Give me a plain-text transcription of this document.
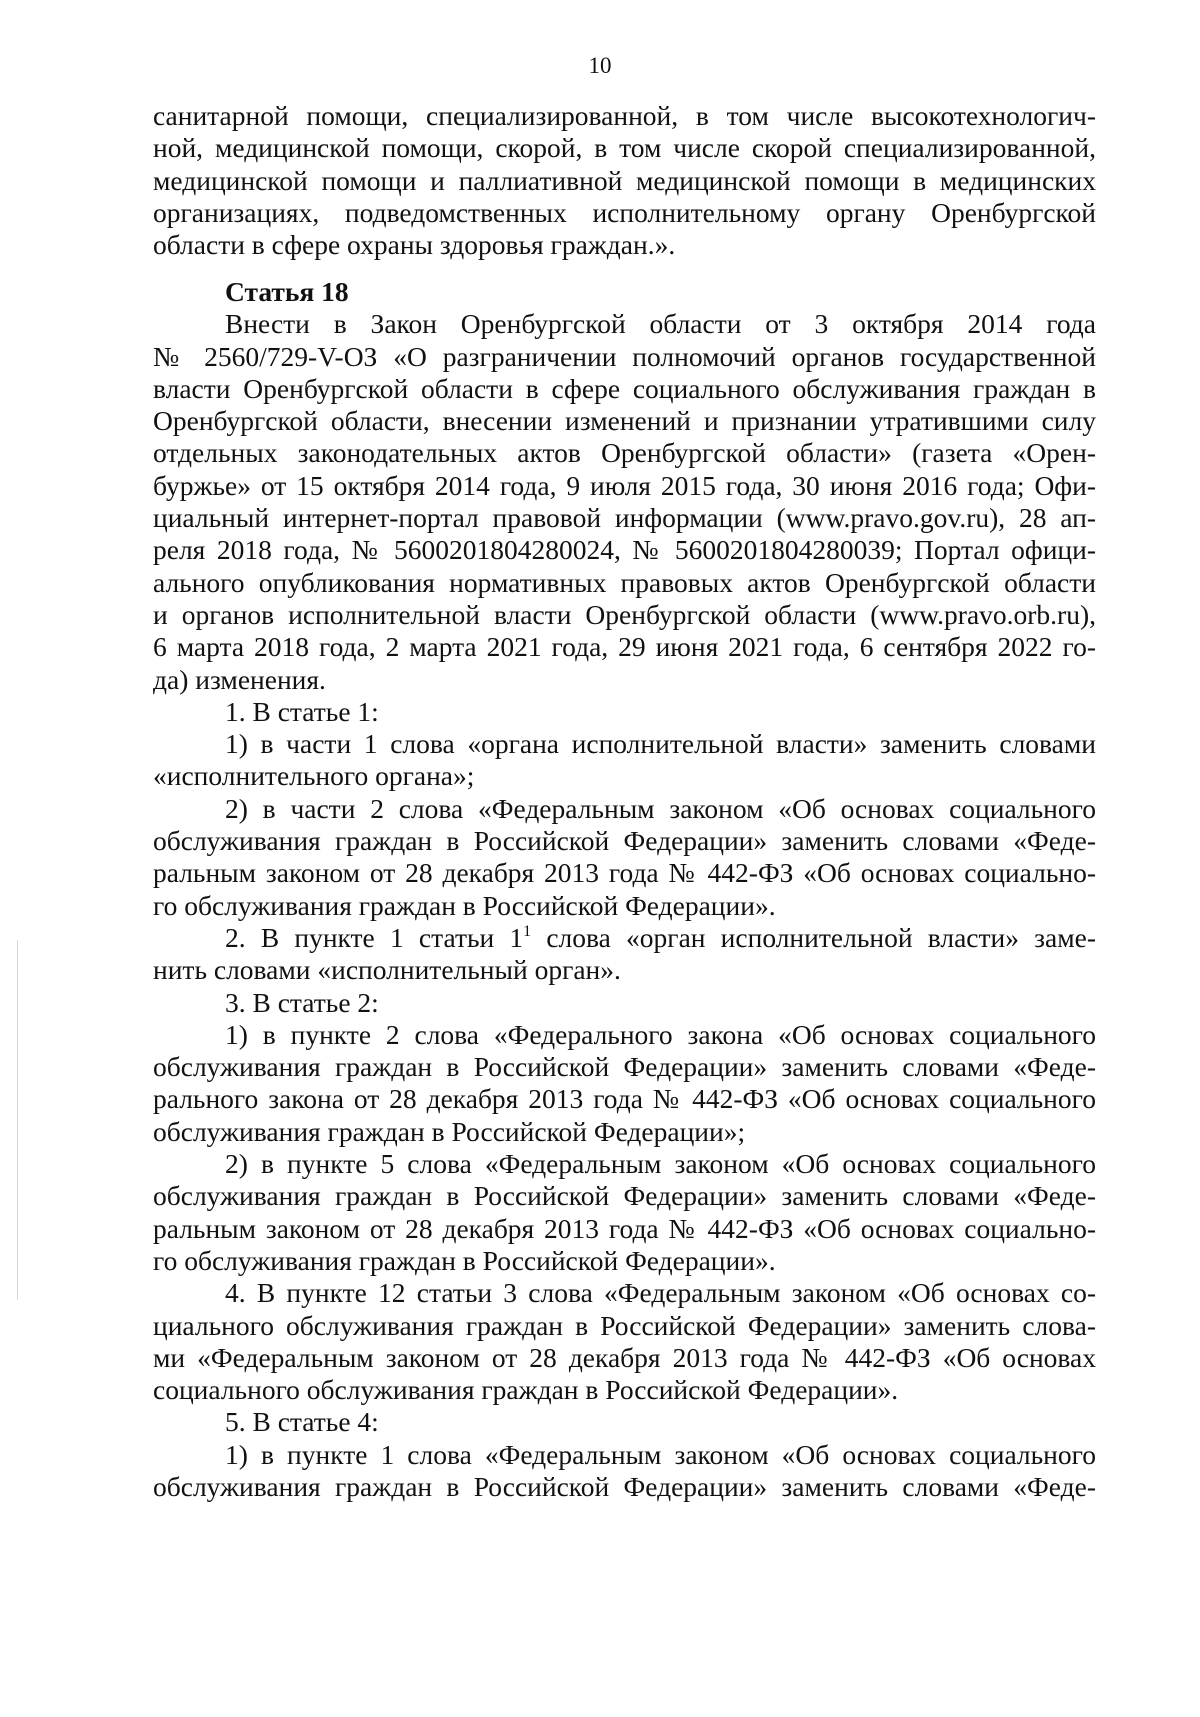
10
санитарной помощи, специализированной, в том числе высокотехнологич-
ной, медицинской помощи, скорой, в том числе скорой специализированной,
медицинской помощи и паллиативной медицинской помощи в медицинских
организациях, подведомственных исполнительному органу Оренбургской
области в сфере охраны здоровья граждан.».
Статья 18
Внести в Закон Оренбургской области от 3 октября 2014 года
№ 2560/729-V-ОЗ «О разграничении полномочий органов государственной
власти Оренбургской области в сфере социального обслуживания граждан в
Оренбургской области, внесении изменений и признании утратившими силу
отдельных законодательных актов Оренбургской области» (газета «Орен-
буржье» от 15 октября 2014 года, 9 июля 2015 года, 30 июня 2016 года; Офи-
циальный интернет-портал правовой информации (www.pravo.gov.ru), 28 ап-
реля 2018 года, № 5600201804280024, № 5600201804280039; Портал офици-
ального опубликования нормативных правовых актов Оренбургской области
и органов исполнительной власти Оренбургской области (www.pravo.orb.ru),
6 марта 2018 года, 2 марта 2021 года, 29 июня 2021 года, 6 сентября 2022 го-
да) изменения.
1. В статье 1:
1) в части 1 слова «органа исполнительной власти» заменить словами
«исполнительного органа»;
2) в части 2 слова «Федеральным законом «Об основах социального
обслуживания граждан в Российской Федерации» заменить словами «Феде-
ральным законом от 28 декабря 2013 года № 442-ФЗ «Об основах социально-
го обслуживания граждан в Российской Федерации».
2. В пункте 1 статьи $1^1$ слова «орган исполнительной власти» заме-
нить словами «исполнительный орган».
3. В статье 2:
1) в пункте 2 слова «Федерального закона «Об основах социального
обслуживания граждан в Российской Федерации» заменить словами «Феде-
рального закона от 28 декабря 2013 года № 442-ФЗ «Об основах социального
обслуживания граждан в Российской Федерации»;
2) в пункте 5 слова «Федеральным законом «Об основах социального
обслуживания граждан в Российской Федерации» заменить словами «Феде-
ральным законом от 28 декабря 2013 года № 442-ФЗ «Об основах социально-
го обслуживания граждан в Российской Федерации».
4. В пункте 12 статьи 3 слова «Федеральным законом «Об основах со-
циального обслуживания граждан в Российской Федерации» заменить слова-
ми «Федеральным законом от 28 декабря 2013 года № 442-ФЗ «Об основах
социального обслуживания граждан в Российской Федерации».
5. В статье 4:
1) в пункте 1 слова «Федеральным законом «Об основах социального
обслуживания граждан в Российской Федерации» заменить словами «Феде-
